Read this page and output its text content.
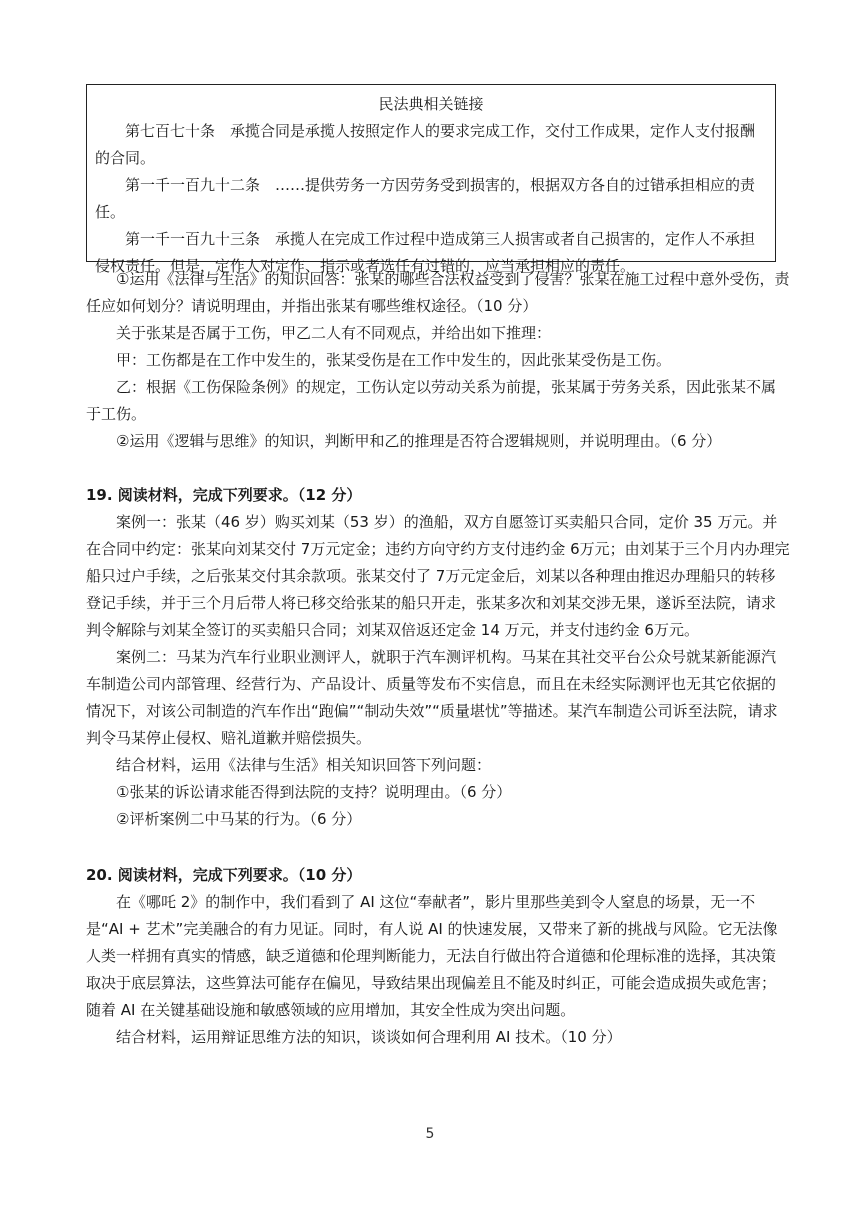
民法典相关链接

第七百七十条　承揽合同是承揽人按照定作人的要求完成工作，交付工作成果，定作人支付报酬的合同。

第一千一百九十二条　……提供劳务一方因劳务受到损害的，根据双方各自的过错承担相应的责任。

第一千一百九十三条　承揽人在完成工作过程中造成第三人损害或者自己损害的，定作人不承担侵权责任。但是，定作人对定作、指示或者选任有过错的，应当承担相应的责任。

①运用《法律与生活》的知识回答：张某的哪些合法权益受到了侵害？张某在施工过程中意外受伤，责任应如何划分？请说明理由，并指出张某有哪些维权途径。（10 分）

关于张某是否属于工伤，甲乙二人有不同观点，并给出如下推理：

甲：工伤都是在工作中发生的，张某受伤是在工作中发生的，因此张某受伤是工伤。

乙：根据《工伤保险条例》的规定，工伤认定以劳动关系为前提，张某属于劳务关系，因此张某不属于工伤。

②运用《逻辑与思维》的知识，判断甲和乙的推理是否符合逻辑规则，并说明理由。（6 分）

19. 阅读材料，完成下列要求。（12 分）

案例一：张某（46 岁）购买刘某（53 岁）的渔船，双方自愿签订买卖船只合同，定价 35 万元。并在合同中约定：张某向刘某交付 7万元定金；违约方向守约方支付违约金 6万元；由刘某于三个月内办理完船只过户手续，之后张某交付其余款项。张某交付了 7万元定金后，刘某以各种理由推迟办理船只的转移登记手续，并于三个月后带人将已移交给张某的船只开走，张某多次和刘某交涉无果，遂诉至法院，请求判令解除与刘某全签订的买卖船只合同；刘某双倍返还定金 14 万元，并支付违约金 6万元。

案例二：马某为汽车行业职业测评人，就职于汽车测评机构。马某在其社交平台公众号就某新能源汽车制造公司内部管理、经营行为、产品设计、质量等发布不实信息，而且在未经实际测评也无其它依据的情况下，对该公司制造的汽车作出“跑偏”“制动失效”“质量堪忧”等描述。某汽车制造公司诉至法院，请求判令马某停止侵权、赔礼道歉并赔偿损失。

结合材料，运用《法律与生活》相关知识回答下列问题：

①张某的诉讼请求能否得到法院的支持？说明理由。（6 分）

②评析案例二中马某的行为。（6 分）

20. 阅读材料，完成下列要求。（10 分）

在《哪吒 2》的制作中，我们看到了 AI 这位“奉献者”，影片里那些美到令人窒息的场景，无一不是“AI + 艺术”完美融合的有力见证。同时，有人说 AI 的快速发展，又带来了新的挑战与风险。它无法像人类一样拥有真实的情感，缺乏道德和伦理判断能力，无法自行做出符合道德和伦理标准的选择，其决策取决于底层算法，这些算法可能存在偏见，导致结果出现偏差且不能及时纠正，可能会造成损失或危害；随着 AI 在关键基础设施和敏感领域的应用增加，其安全性成为突出问题。

结合材料，运用辩证思维方法的知识，谈谈如何合理利用 AI 技术。（10 分）

5
